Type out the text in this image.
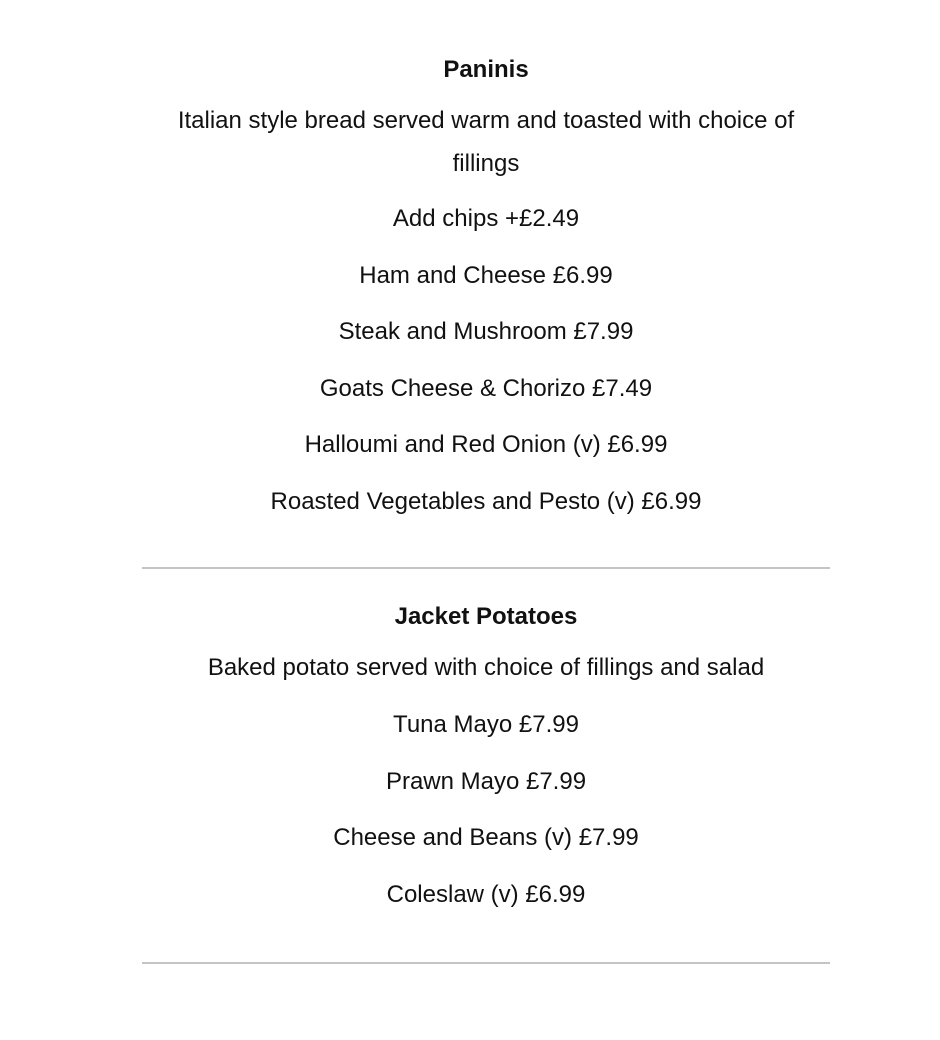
Paninis

Italian style bread served warm and toasted with choice of fillings

Add chips +£2.49

Ham and Cheese £6.99

Steak and Mushroom £7.99

Goats Cheese & Chorizo £7.49

Halloumi and Red Onion (v) £6.99

Roasted Vegetables and Pesto (v) £6.99

Jacket Potatoes

Baked potato served with choice of fillings and salad

Tuna Mayo £7.99

Prawn Mayo £7.99

Cheese and Beans (v) £7.99

Coleslaw (v) £6.99
